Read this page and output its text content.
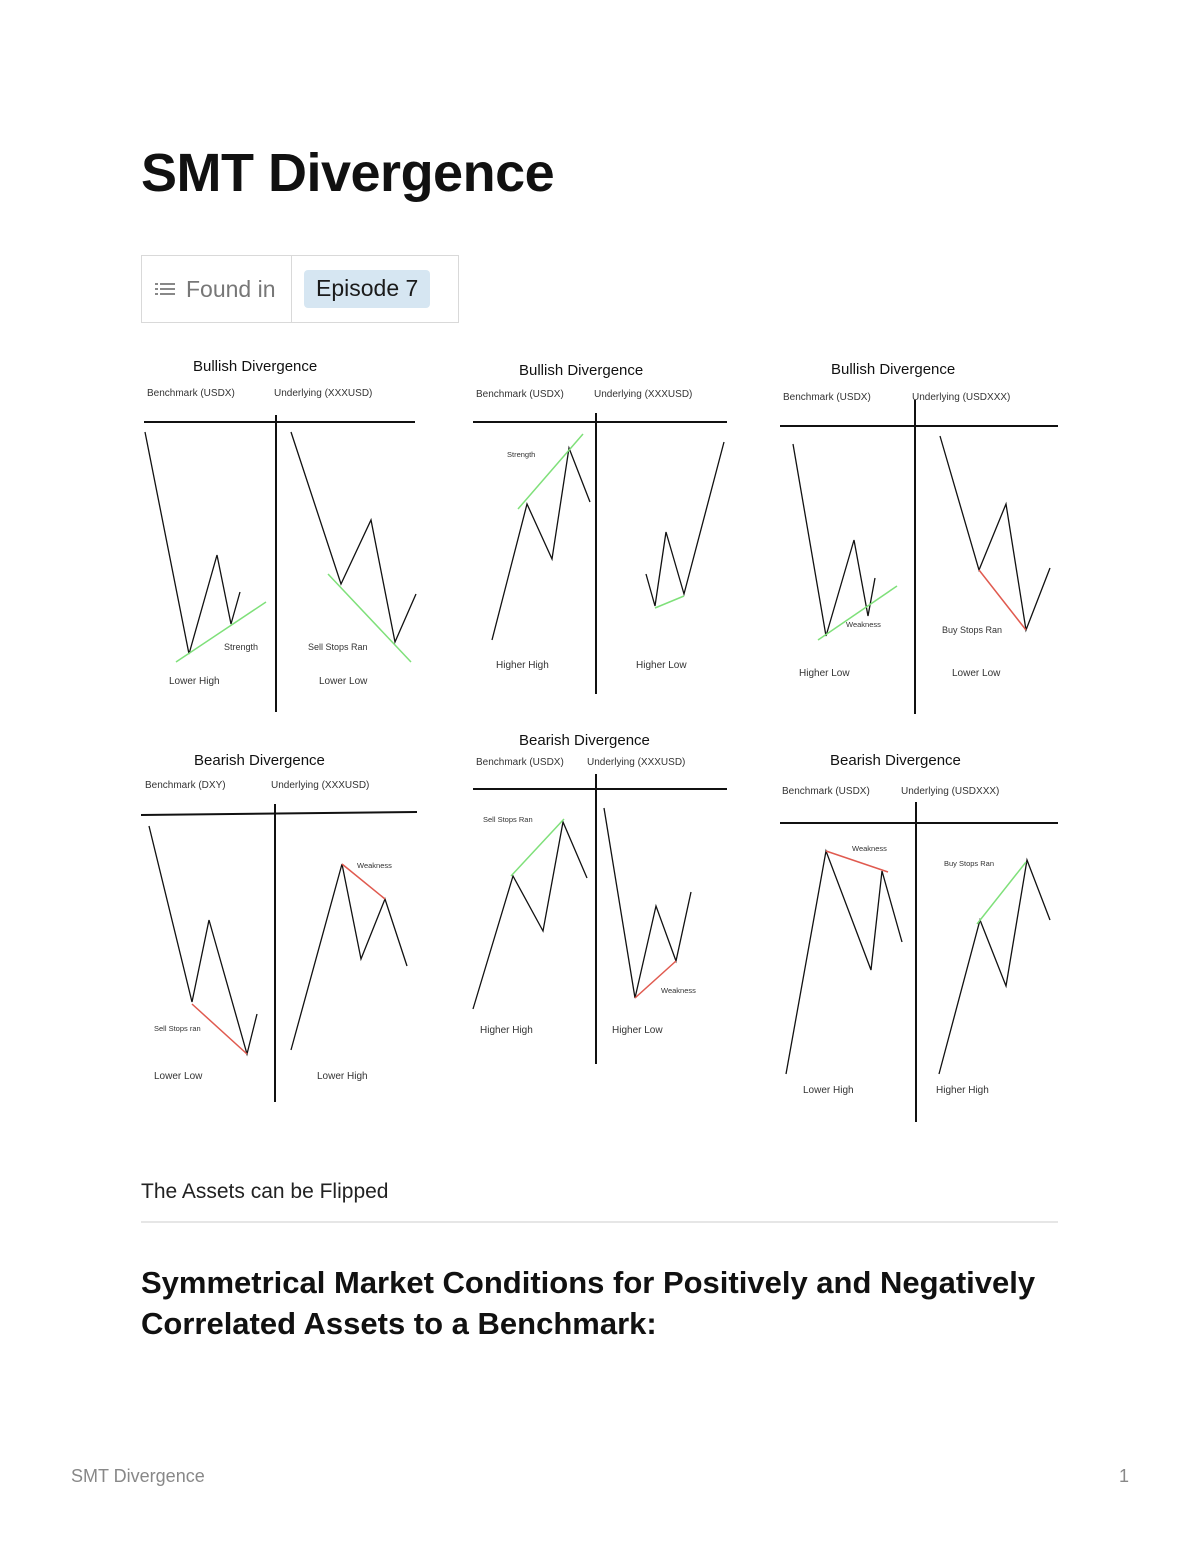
SMT Divergence
Found in	Episode 7
Bullish Divergence
Benchmark (USDX)	Underlying (XXXUSD)
Strength	Sell Stops Ran
Lower High	Lower Low
Bullish Divergence
Benchmark (USDX)	Underlying (XXXUSD)
Strength
Higher High	Higher Low
Bullish Divergence
Benchmark (USDX)	Underlying (USDXXX)
Weakness
Buy Stops Ran
Higher Low	Lower Low
Bearish Divergence
Benchmark (DXY)	Underlying (XXXUSD)
Sell Stops ran
Weakness
Lower Low	Lower High
Bearish Divergence
Benchmark (USDX) Underlying (XXXUSD)
Sell Stops Ran
Weakness
Higher High	Higher Low
Bearish Divergence
Benchmark (USDX)	Underlying (USDXXX)
Weakness
Buy Stops Ran
Lower High	Higher High

The Assets can be Flipped

Symmetrical Market Conditions for Positively and Negatively Correlated Assets to a Benchmark:
SMT Divergence	1
